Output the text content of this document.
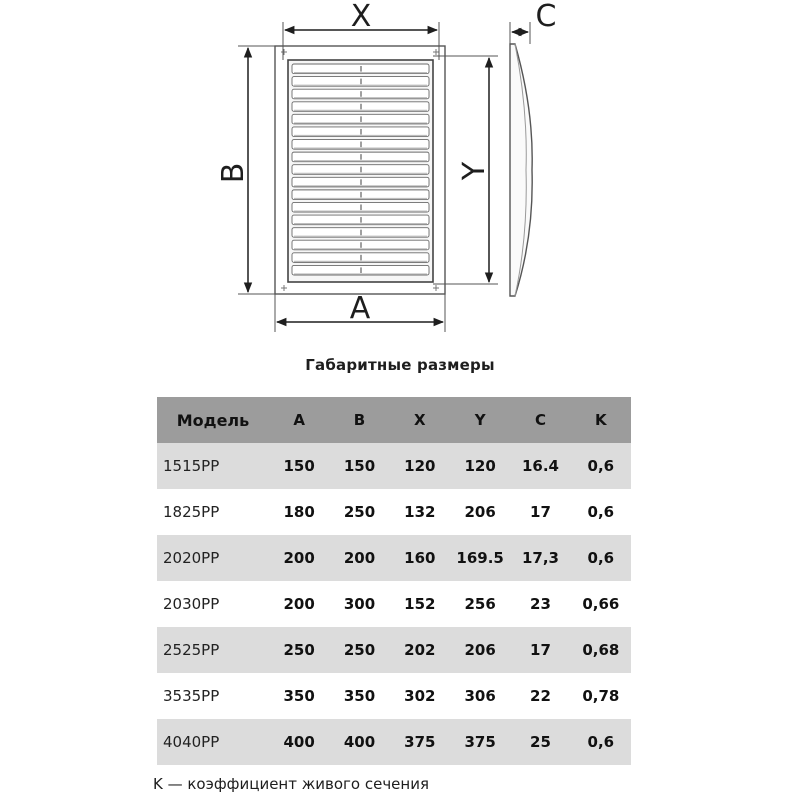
X
A
B	Y
C
Габаритные размеры
Модель	A	B	X	Y	C	K
1515PP	150	150	120	120	16.4	0,6
1825PP	180	250	132	206	17	0,6
2020PP	200	200	160	169.5	17,3	0,6
2030PP	200	300	152	256	23	0,66
2525PP	250	250	202	206	17	0,68
3535PP	350	350	302	306	22	0,78
4040PP	400	400	375	375	25	0,6
K — коэффициент живого сечения
